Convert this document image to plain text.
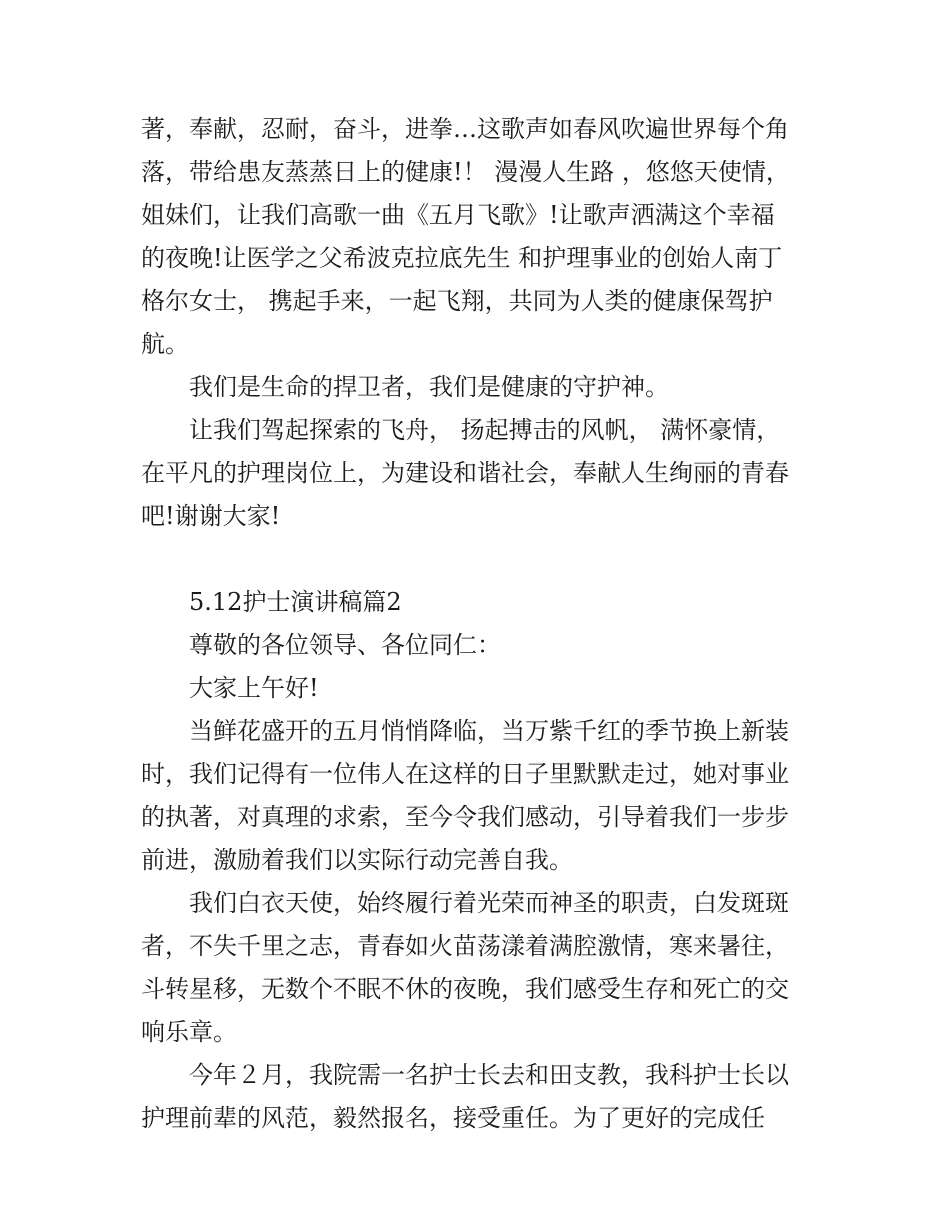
著，奉献，忍耐，奋斗，进拳…这歌声如春风吹遍世界每个角
落，带给患友蒸蒸日上的健康!！ 漫漫人生路 ，悠悠天使情，
姐妹们，让我们高歌一曲《五月飞歌》!让歌声洒满这个幸福
的夜晚!让医学之父希波克拉底先生 和护理事业的创始人南丁
格尔女士， 携起手来，一起飞翔，共同为人类的健康保驾护
航。
我们是生命的捍卫者，我们是健康的守护神。
让我们驾起探索的飞舟， 扬起搏击的风帆， 满怀豪情，
在平凡的护理岗位上，为建设和谐社会，奉献人生绚丽的青春
吧!谢谢大家!
5.12护士演讲稿篇2
尊敬的各位领导、各位同仁：
大家上午好!
当鲜花盛开的五月悄悄降临，当万紫千红的季节换上新装
时，我们记得有一位伟人在这样的日子里默默走过，她对事业
的执著，对真理的求索，至今令我们感动，引导着我们一步步
前进，激励着我们以实际行动完善自我。
我们白衣天使，始终履行着光荣而神圣的职责，白发斑斑
者，不失千里之志，青春如火苗荡漾着满腔激情，寒来暑往，
斗转星移，无数个不眠不休的夜晚，我们感受生存和死亡的交
响乐章。
今年２月，我院需一名护士长去和田支教，我科护士长以
护理前辈的风范，毅然报名，接受重任。为了更好的完成任
